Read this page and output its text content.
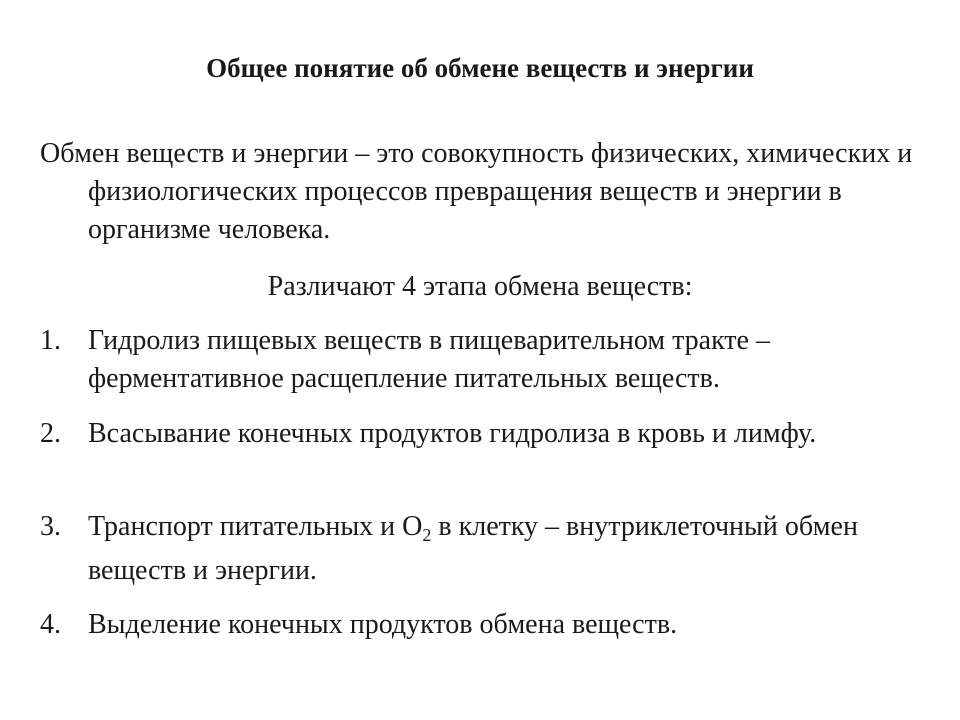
Общее понятие об обмене веществ и энергии

Обмен веществ и энергии – это совокупность физических, химических и физиологических процессов превращения веществ и энергии в организме человека.

Различают 4 этапа обмена веществ:

1. Гидролиз пищевых веществ в пищеварительном тракте – ферментативное расщепление питательных веществ.
2. Всасывание конечных продуктов гидролиза в кровь и лимфу.
3. Транспорт питательных и $О_2$ в клетку – внутриклеточный обмен веществ и энергии.
4. Выделение конечных продуктов обмена веществ.
